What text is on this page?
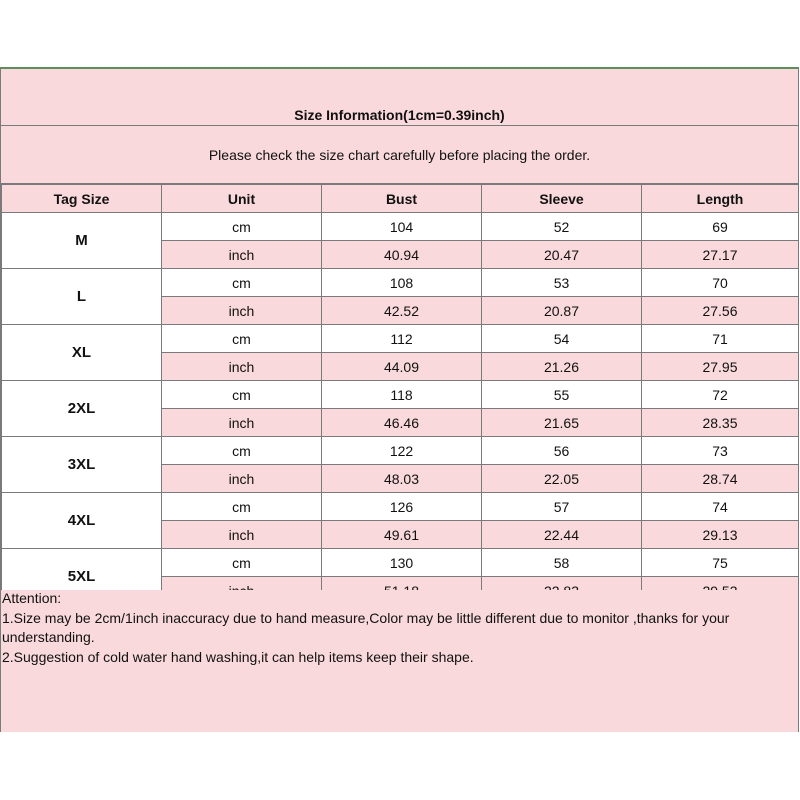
Size Information(1cm=0.39inch)
Please check the size chart carefully before placing the order.
Tag Size	Unit	Bust	Sleeve	Length
M	cm	104	52	69
	inch	40.94	20.47	27.17
L	cm	108	53	70
	inch	42.52	20.87	27.56
XL	cm	112	54	71
	inch	44.09	21.26	27.95
2XL	cm	118	55	72
	inch	46.46	21.65	28.35
3XL	cm	122	56	73
	inch	48.03	22.05	28.74
4XL	cm	126	57	74
	inch	49.61	22.44	29.13
5XL	cm	130	58	75

Attention:
1.Size may be 2cm/1inch inaccuracy due to hand measure,Color may be little different due to monitor ,thanks for your understanding.
2.Suggestion of cold water hand washing,it can help items keep their shape.
